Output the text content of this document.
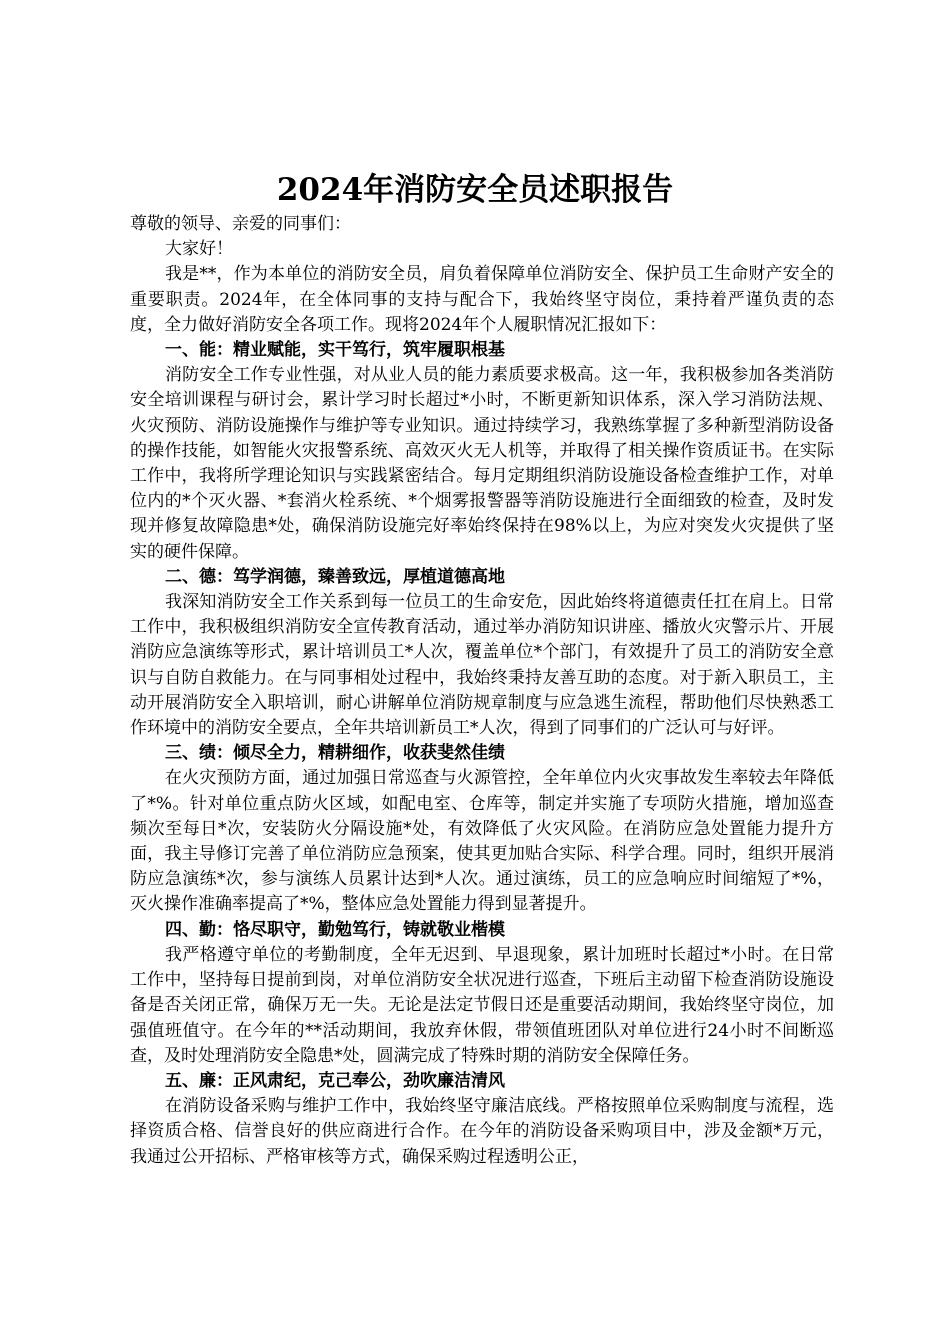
2024年消防安全员述职报告

尊敬的领导、亲爱的同事们：

大家好！

我是**，作为本单位的消防安全员，肩负着保障单位消防安全、保护员工生命财产安全的重要职责。2024年，在全体同事的支持与配合下，我始终坚守岗位，秉持着严谨负责的态度，全力做好消防安全各项工作。现将2024年个人履职情况汇报如下：

一、能：精业赋能，实干笃行，筑牢履职根基

消防安全工作专业性强，对从业人员的能力素质要求极高。这一年，我积极参加各类消防安全培训课程与研讨会，累计学习时长超过*小时，不断更新知识体系，深入学习消防法规、火灾预防、消防设施操作与维护等专业知识。通过持续学习，我熟练掌握了多种新型消防设备的操作技能，如智能火灾报警系统、高效灭火无人机等，并取得了相关操作资质证书。在实际工作中，我将所学理论知识与实践紧密结合。每月定期组织消防设施设备检查维护工作，对单位内的*个灭火器、*套消火栓系统、*个烟雾报警器等消防设施进行全面细致的检查，及时发现并修复故障隐患*处，确保消防设施完好率始终保持在98%以上，为应对突发火灾提供了坚实的硬件保障。

二、德：笃学润德，臻善致远，厚植道德高地

我深知消防安全工作关系到每一位员工的生命安危，因此始终将道德责任扛在肩上。日常工作中，我积极组织消防安全宣传教育活动，通过举办消防知识讲座、播放火灾警示片、开展消防应急演练等形式，累计培训员工*人次，覆盖单位*个部门，有效提升了员工的消防安全意识与自防自救能力。在与同事相处过程中，我始终秉持友善互助的态度。对于新入职员工，主动开展消防安全入职培训，耐心讲解单位消防规章制度与应急逃生流程，帮助他们尽快熟悉工作环境中的消防安全要点，全年共培训新员工*人次，得到了同事们的广泛认可与好评。

三、绩：倾尽全力，精耕细作，收获斐然佳绩

在火灾预防方面，通过加强日常巡查与火源管控，全年单位内火灾事故发生率较去年降低了*%。针对单位重点防火区域，如配电室、仓库等，制定并实施了专项防火措施，增加巡查频次至每日*次，安装防火分隔设施*处，有效降低了火灾风险。在消防应急处置能力提升方面，我主导修订完善了单位消防应急预案，使其更加贴合实际、科学合理。同时，组织开展消防应急演练*次，参与演练人员累计达到*人次。通过演练，员工的应急响应时间缩短了*%，灭火操作准确率提高了*%，整体应急处置能力得到显著提升。

四、勤：恪尽职守，勤勉笃行，铸就敬业楷模

我严格遵守单位的考勤制度，全年无迟到、早退现象，累计加班时长超过*小时。在日常工作中，坚持每日提前到岗，对单位消防安全状况进行巡查，下班后主动留下检查消防设施设备是否关闭正常，确保万无一失。无论是法定节假日还是重要活动期间，我始终坚守岗位，加强值班值守。在今年的**活动期间，我放弃休假，带领值班团队对单位进行24小时不间断巡查，及时处理消防安全隐患*处，圆满完成了特殊时期的消防安全保障任务。

五、廉：正风肃纪，克己奉公，劲吹廉洁清风

在消防设备采购与维护工作中，我始终坚守廉洁底线。严格按照单位采购制度与流程，选择资质合格、信誉良好的供应商进行合作。在今年的消防设备采购项目中，涉及金额*万元，我通过公开招标、严格审核等方式，确保采购过程透明公正，
